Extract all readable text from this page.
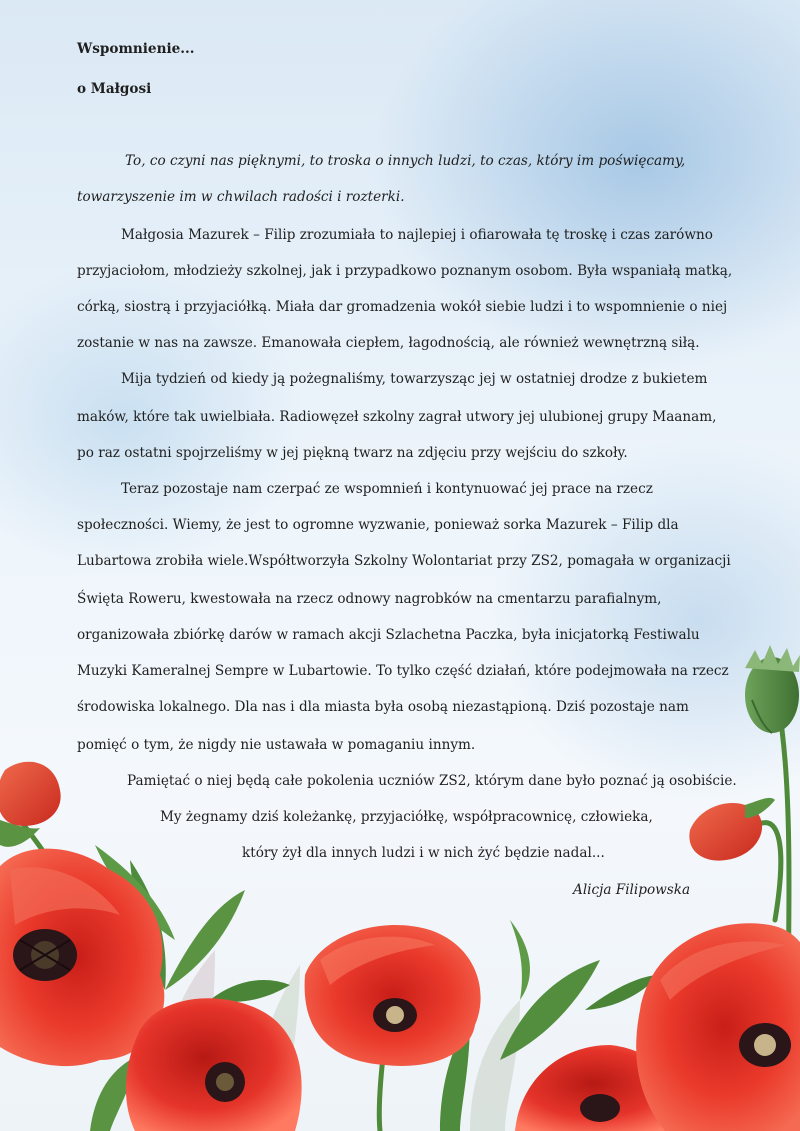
Wspomnienie...
o Małgosi
To, co czyni nas pięknymi, to troska o innych ludzi, to czas, który im poświęcamy,
towarzyszenie im w chwilach radości i rozterki.
Małgosia Mazurek – Filip zrozumiała to najlepiej i ofiarowała tę troskę i czas zarówno
przyjaciołom, młodzieży szkolnej, jak i przypadkowo poznanym osobom. Była wspaniałą matką,
córką, siostrą i przyjaciółką. Miała dar gromadzenia wokół siebie ludzi i to wspomnienie o niej
zostanie w nas na zawsze. Emanowała ciepłem, łagodnością, ale również wewnętrzną siłą.
Mija tydzień od kiedy ją pożegnaliśmy, towarzysząc jej w ostatniej drodze z bukietem
maków, które tak uwielbiała. Radiowęzeł szkolny zagrał utwory jej ulubionej grupy Maanam,
po raz ostatni spojrzeliśmy w jej piękną twarz na zdjęciu przy wejściu do szkoły.
Teraz pozostaje nam czerpać ze wspomnień i kontynuować jej prace na rzecz
społeczności. Wiemy, że jest to ogromne wyzwanie, ponieważ sorka Mazurek – Filip dla
Lubartowa zrobiła wiele.Współtworzyła Szkolny Wolontariat przy ZS2, pomagała w organizacji
Święta Roweru, kwestowała na rzecz odnowy nagrobków na cmentarzu parafialnym,
organizowała zbiórkę darów w ramach akcji Szlachetna Paczka, była inicjatorką Festiwalu
Muzyki Kameralnej Sempre w Lubartowie. To tylko część działań, które podejmowała na rzecz
środowiska lokalnego. Dla nas i dla miasta była osobą niezastąpioną. Dziś pozostaje nam
pomięć o tym, że nigdy nie ustawała w pomaganiu innym.
Pamiętać o niej będą całe pokolenia uczniów ZS2, którym dane było poznać ją osobiście.
My żegnamy dziś koleżankę, przyjaciółkę, współpracownicę, człowieka,
który żył dla innych ludzi i w nich żyć będzie nadal...
Alicja Filipowska
